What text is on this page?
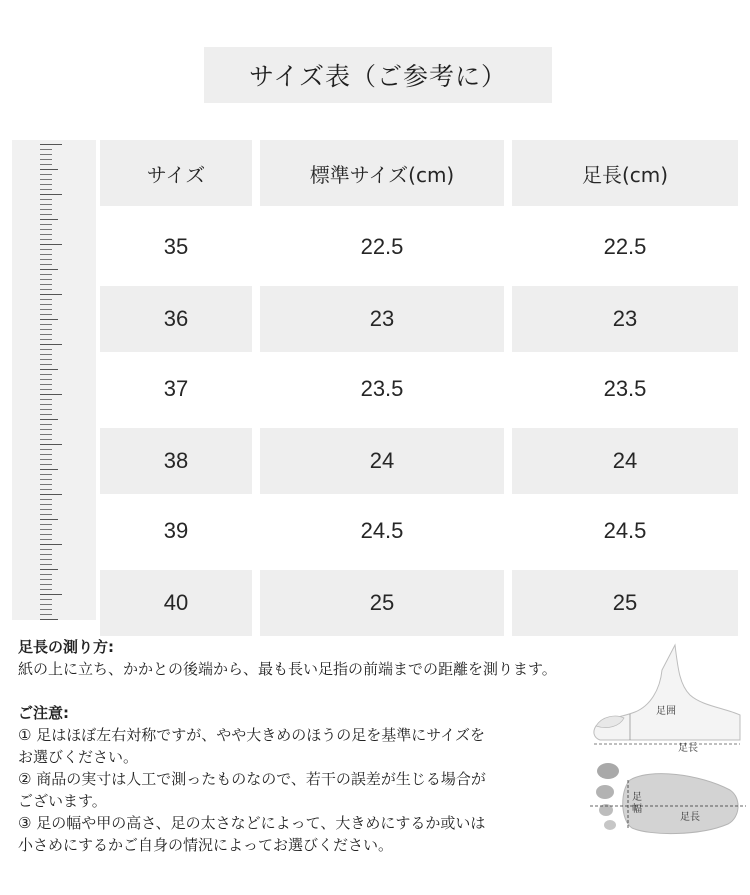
サイズ表（ご参考に）
サイズ	標準サイズ(cm)	足長(cm)
35	22.5	22.5
36	23	23
37	23.5	23.5
38	24	24
39	24.5	24.5
40	25	25
足長の測り方:
紙の上に立ち、かかとの後端から、最も長い足指の前端までの距離を測ります。
ご注意:
① 足はほぼ左右対称ですが、やや大きめのほうの足を基準にサイズを
お選びください。
② 商品の実寸は人工で測ったものなので、若干の誤差が生じる場合が
ございます。
③ 足の幅や甲の高さ、足の太さなどによって、大きめにするか或いは
小さめにするかご自身の情況によってお選びください。
足囲
足長
足
幅
足長
